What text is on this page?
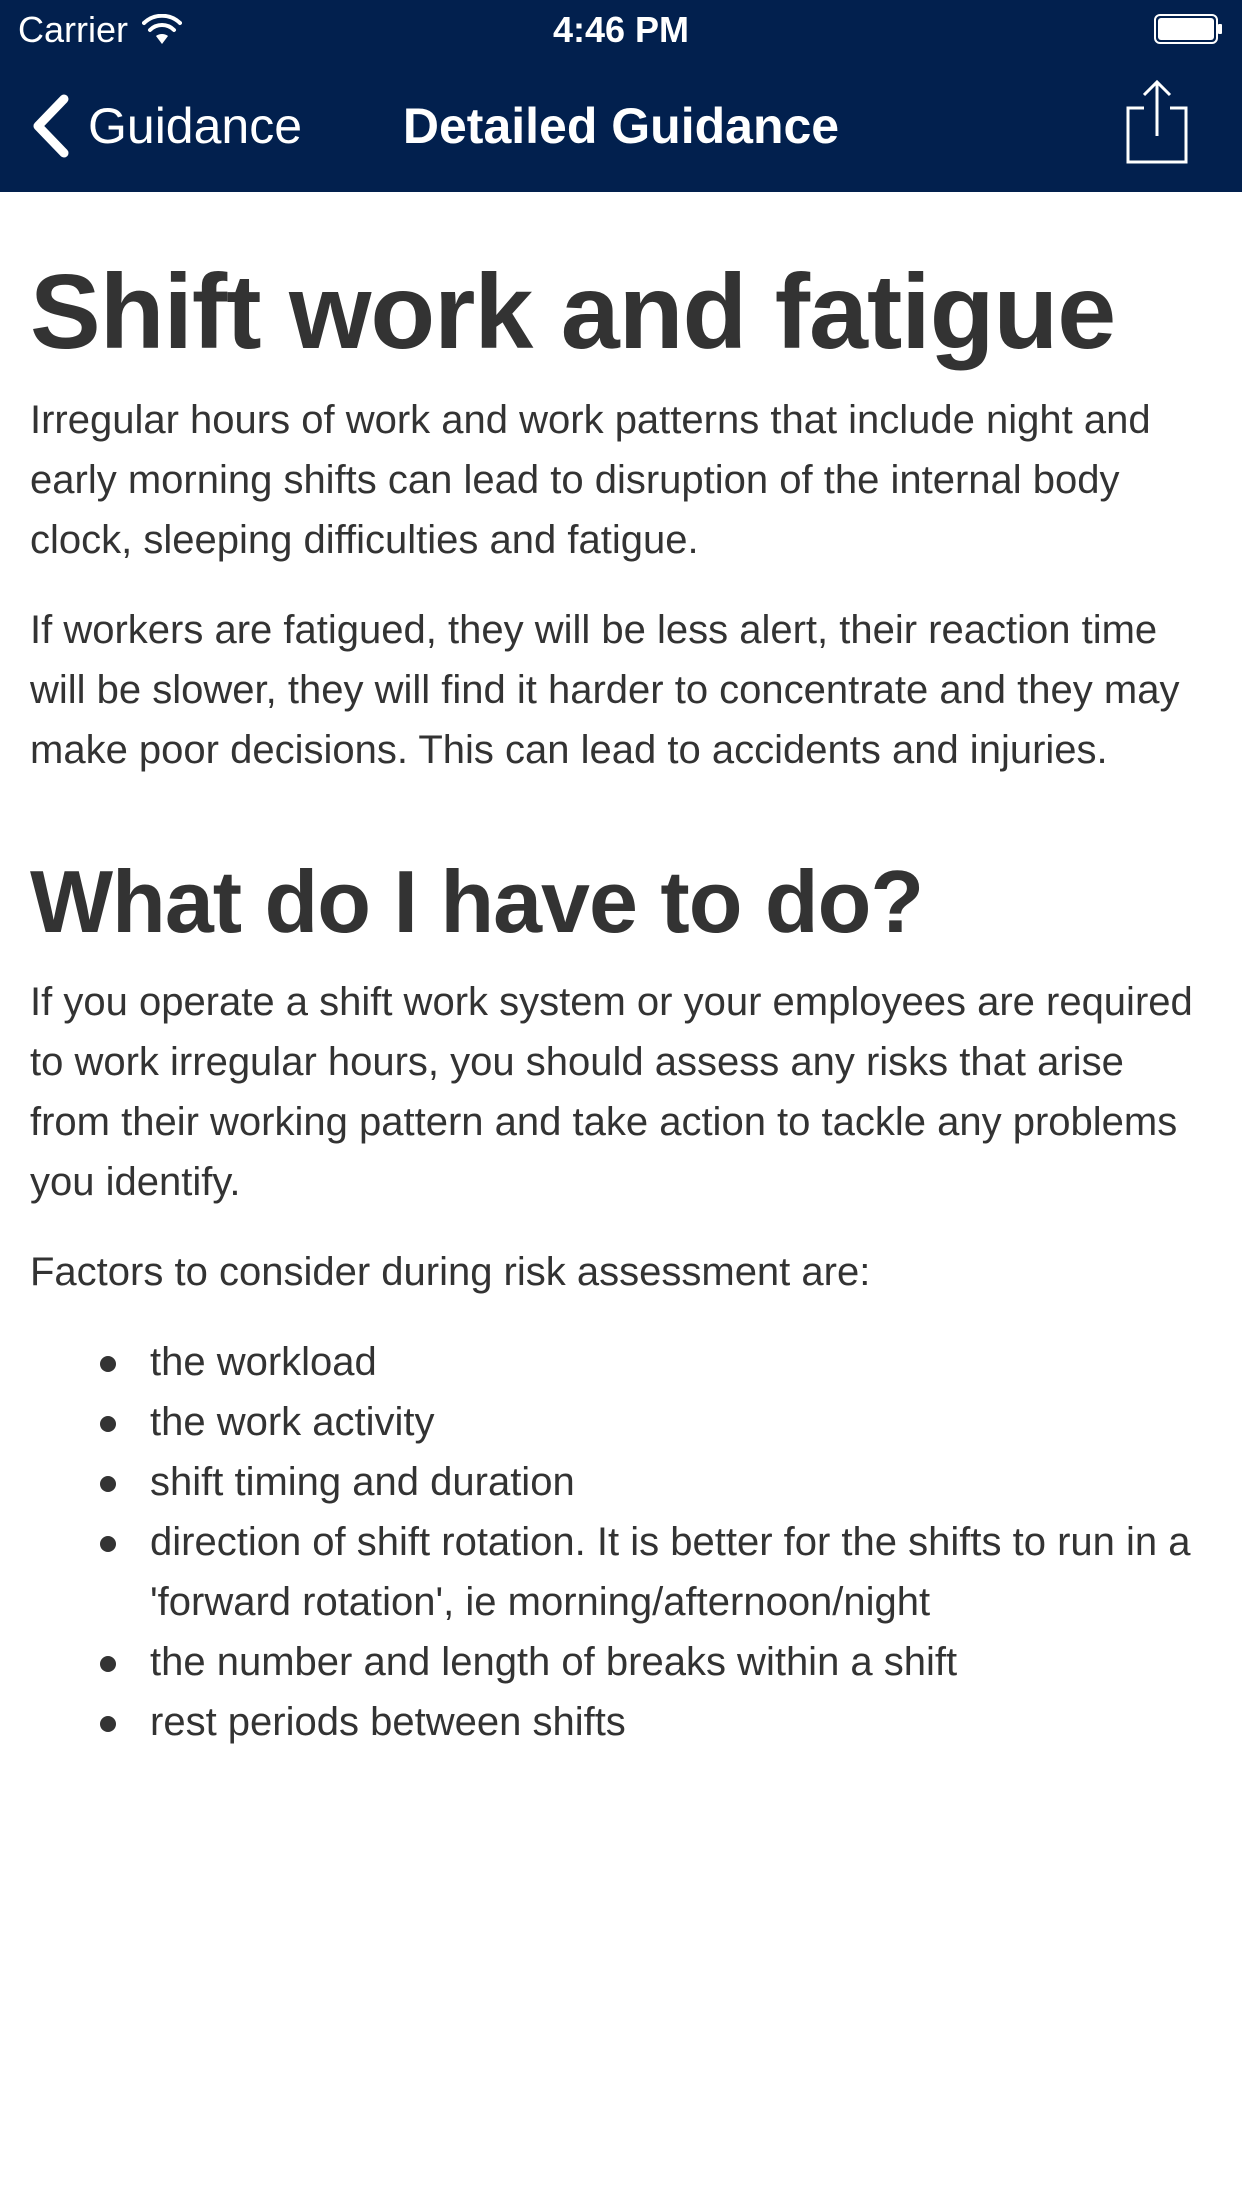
Carrier	4:46 PM
Guidance	Detailed Guidance
Shift work and fatigue

Irregular hours of work and work patterns that include night and early morning shifts can lead to disruption of the internal body clock, sleeping difficulties and fatigue.

If workers are fatigued, they will be less alert, their reaction time will be slower, they will find it harder to concentrate and they may make poor decisions. This can lead to accidents and injuries.

What do I have to do?

If you operate a shift work system or your employees are required to work irregular hours, you should assess any risks that arise from their working pattern and take action to tackle any problems you identify.

Factors to consider during risk assessment are:

the workload
the work activity
shift timing and duration
direction of shift rotation. It is better for the shifts to run in a 'forward rotation', ie morning/afternoon/night
the number and length of breaks within a shift
rest periods between shifts
